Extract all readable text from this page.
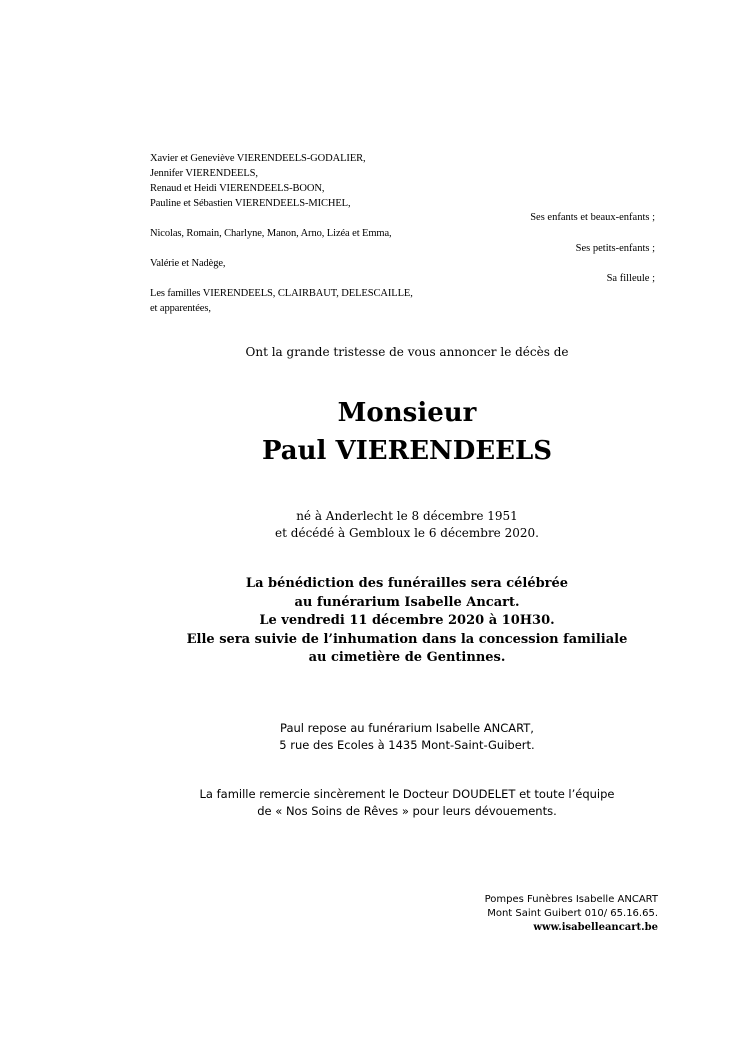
Xavier et Geneviève VIERENDEELS-GODALIER,
Jennifer VIERENDEELS,
Renaud et Heidi VIERENDEELS-BOON,
Pauline et Sébastien VIERENDEELS-MICHEL,
Ses enfants et beaux-enfants ;
Nicolas, Romain, Charlyne, Manon, Arno, Lizéa et Emma,
Ses petits-enfants ;
Valérie et Nadège,
Sa filleule ;
Les familles VIERENDEELS, CLAIRBAUT, DELESCAILLE,
et apparentées,
Ont la grande tristesse de vous annoncer le décès de
Monsieur
Paul VIERENDEELS
né à Anderlecht le 8 décembre 1951
et décédé à Gembloux le 6 décembre 2020.
La bénédiction des funérailles sera célébrée
au funérarium Isabelle Ancart.
Le vendredi 11 décembre 2020 à 10H30.
Elle sera suivie de l’inhumation dans la concession familiale
au cimetière de Gentinnes.
Paul repose au funérarium Isabelle ANCART,
5 rue des Ecoles à 1435 Mont-Saint-Guibert.
La famille remercie sincèrement le Docteur DOUDELET et toute l’équipe
de « Nos Soins de Rêves » pour leurs dévouements.
Pompes Funèbres Isabelle ANCART
Mont Saint Guibert 010/ 65.16.65.
www.isabelleancart.be
